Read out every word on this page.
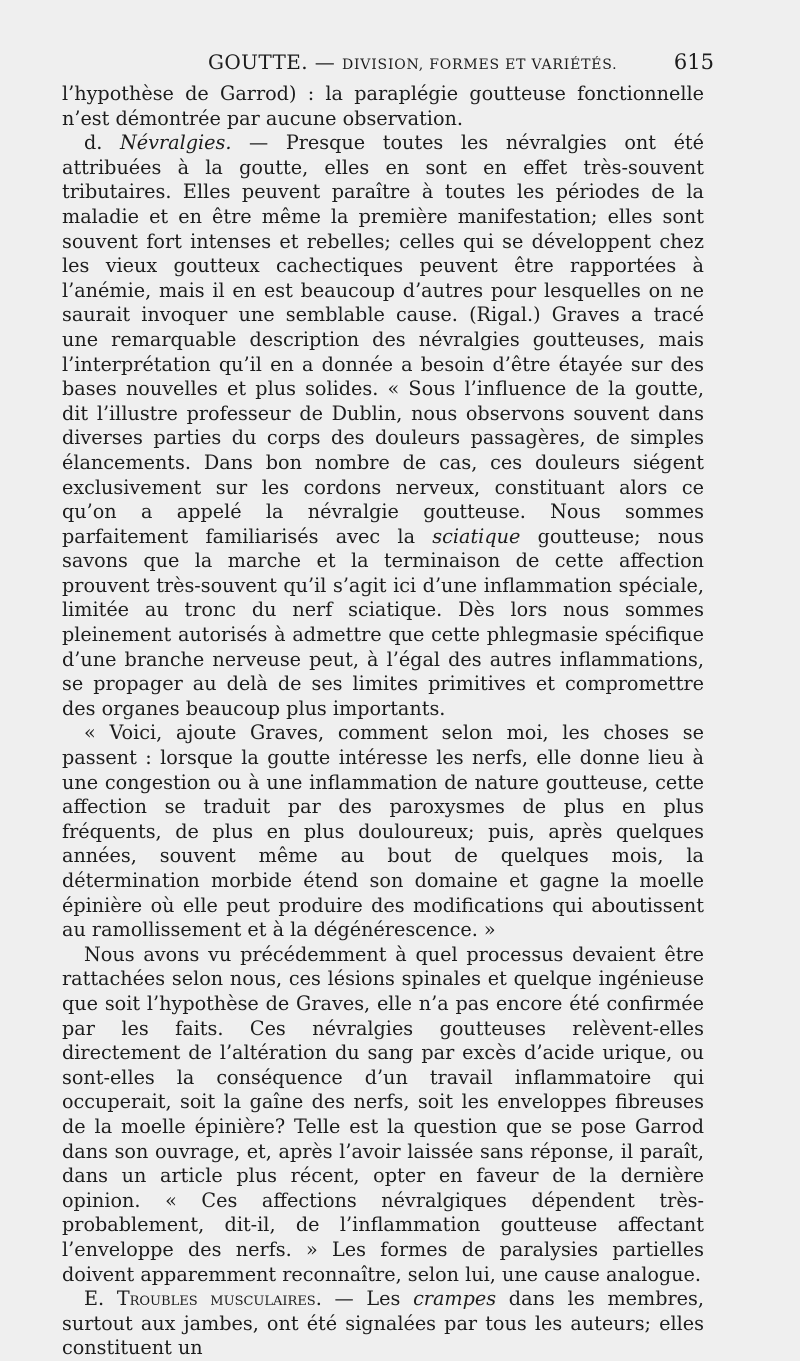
GOUTTE. — DIVISION, FORMES ET VARIÉTÉS.	615

l’hypothèse de Garrod) : la paraplégie goutteuse fonctionnelle n’est démontrée par aucune observation.

d. Névralgies. — Presque toutes les névralgies ont été attribuées à la goutte, elles en sont en effet très-souvent tributaires. Elles peuvent paraître à toutes les périodes de la maladie et en être même la première manifestation; elles sont souvent fort intenses et rebelles; celles qui se développent chez les vieux goutteux cachectiques peuvent être rapportées à l’anémie, mais il en est beaucoup d’autres pour lesquelles on ne saurait invoquer une semblable cause. (Rigal.) Graves a tracé une remarquable description des névralgies goutteuses, mais l’interprétation qu’il en a donnée a besoin d’être étayée sur des bases nouvelles et plus solides. « Sous l’influence de la goutte, dit l’illustre professeur de Dublin, nous observons souvent dans diverses parties du corps des douleurs passagères, de simples élancements. Dans bon nombre de cas, ces douleurs siégent exclusivement sur les cordons nerveux, constituant alors ce qu’on a appelé la névralgie goutteuse. Nous sommes parfaitement familiarisés avec la sciatique goutteuse; nous savons que la marche et la terminaison de cette affection prouvent très-souvent qu’il s’agit ici d’une inflammation spéciale, limitée au tronc du nerf sciatique. Dès lors nous sommes pleinement autorisés à admettre que cette phlegmasie spécifique d’une branche nerveuse peut, à l’égal des autres inflammations, se propager au delà de ses limites primitives et compromettre des organes beaucoup plus importants.

« Voici, ajoute Graves, comment selon moi, les choses se passent : lorsque la goutte intéresse les nerfs, elle donne lieu à une congestion ou à une inflammation de nature goutteuse, cette affection se traduit par des paroxysmes de plus en plus fréquents, de plus en plus douloureux; puis, après quelques années, souvent même au bout de quelques mois, la détermination morbide étend son domaine et gagne la moelle épinière où elle peut produire des modifications qui aboutissent au ramollissement et à la dégénérescence. »

Nous avons vu précédemment à quel processus devaient être rattachées selon nous, ces lésions spinales et quelque ingénieuse que soit l’hypothèse de Graves, elle n’a pas encore été confirmée par les faits. Ces névralgies goutteuses relèvent-elles directement de l’altération du sang par excès d’acide urique, ou sont-elles la conséquence d’un travail inflammatoire qui occuperait, soit la gaîne des nerfs, soit les enveloppes fibreuses de la moelle épinière? Telle est la question que se pose Garrod dans son ouvrage, et, après l’avoir laissée sans réponse, il paraît, dans un article plus récent, opter en faveur de la dernière opinion. « Ces affections névralgiques dépendent très-probablement, dit-il, de l’inflammation goutteuse affectant l’enveloppe des nerfs. » Les formes de paralysies partielles doivent apparemment reconnaître, selon lui, une cause analogue.

E. Troubles musculaires. — Les crampes dans les membres, surtout aux jambes, ont été signalées par tous les auteurs; elles constituent un
